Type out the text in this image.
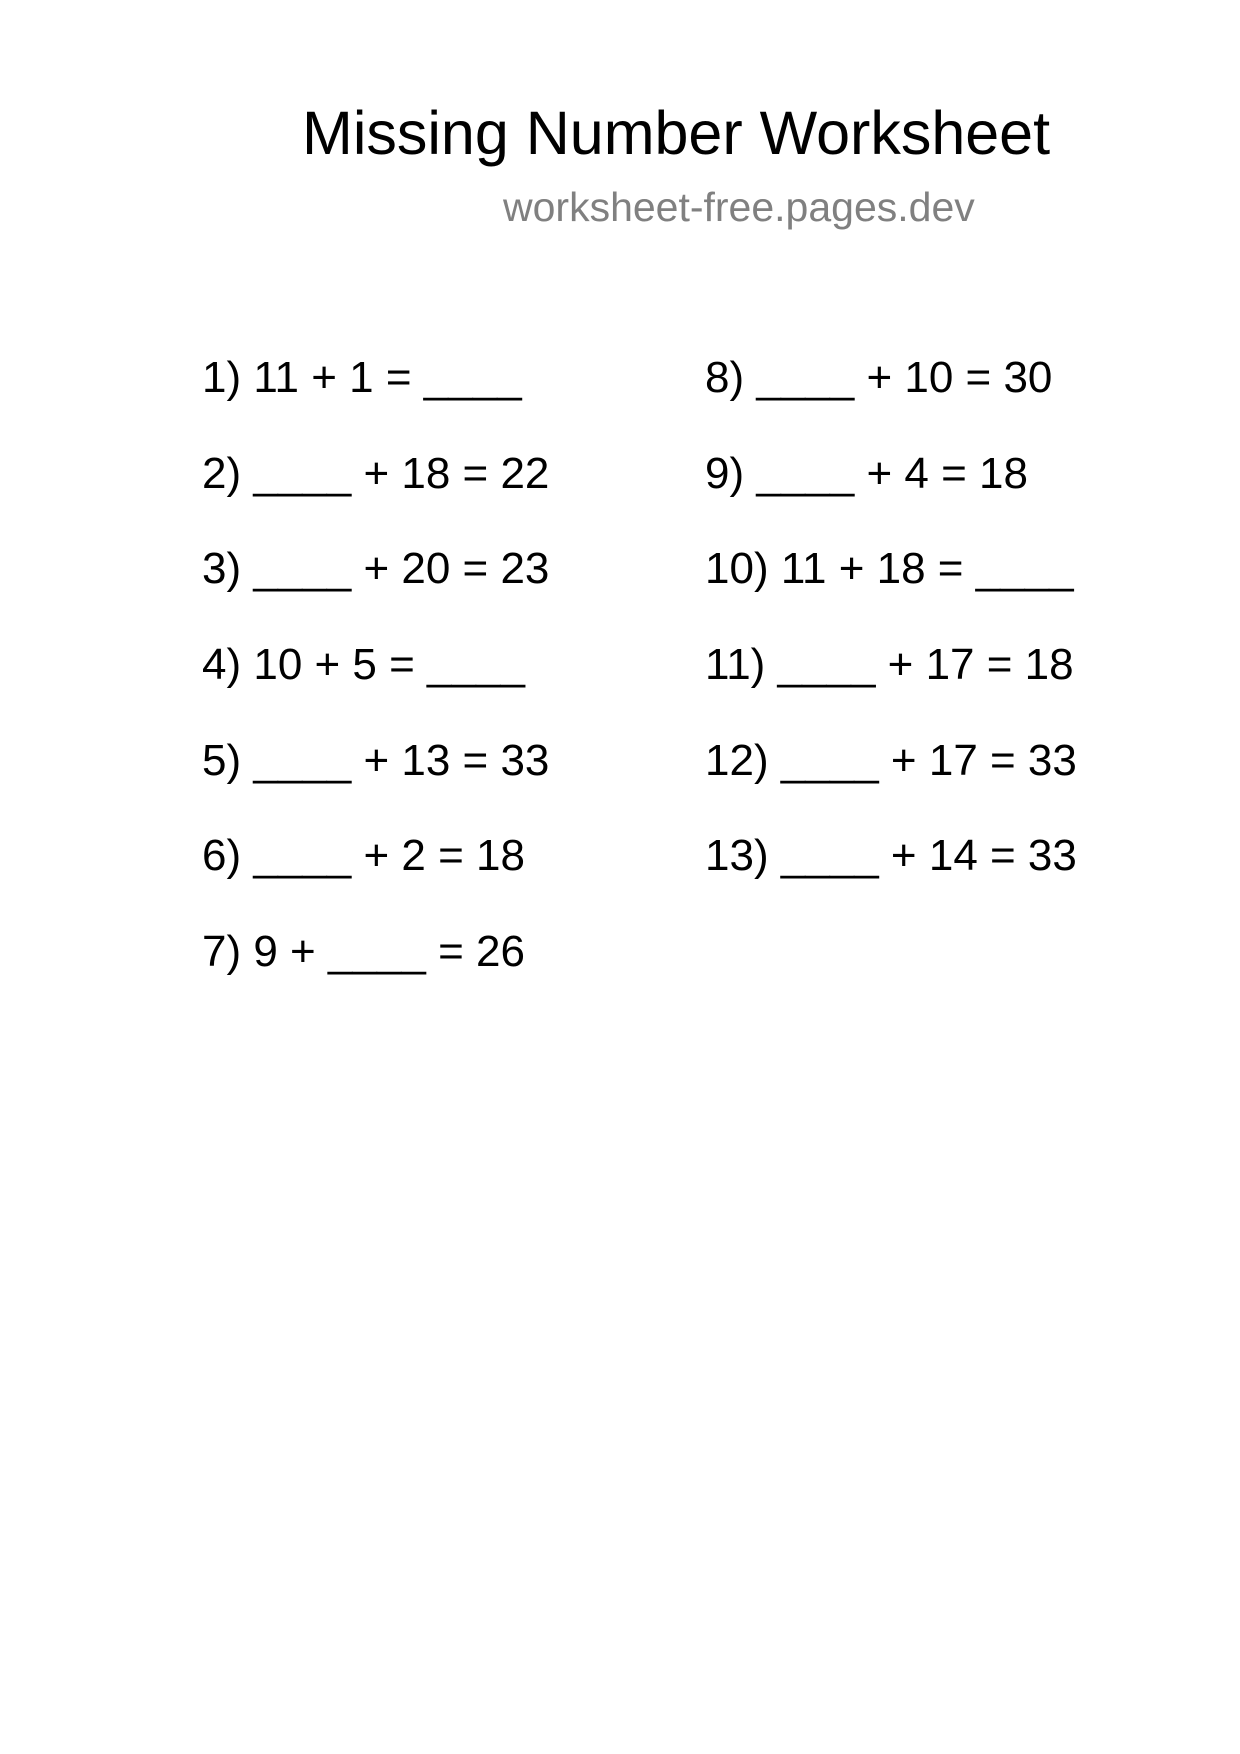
Missing Number Worksheet
worksheet-free.pages.dev
1) 11 + 1 = ____
2) ____ + 18 = 22
3) ____ + 20 = 23
4) 10 + 5 = ____
5) ____ + 13 = 33
6) ____ + 2 = 18
7) 9 + ____ = 26
8) ____ + 10 = 30
9) ____ + 4 = 18
10) 11 + 18 = ____
11) ____ + 17 = 18
12) ____ + 17 = 33
13) ____ + 14 = 33
